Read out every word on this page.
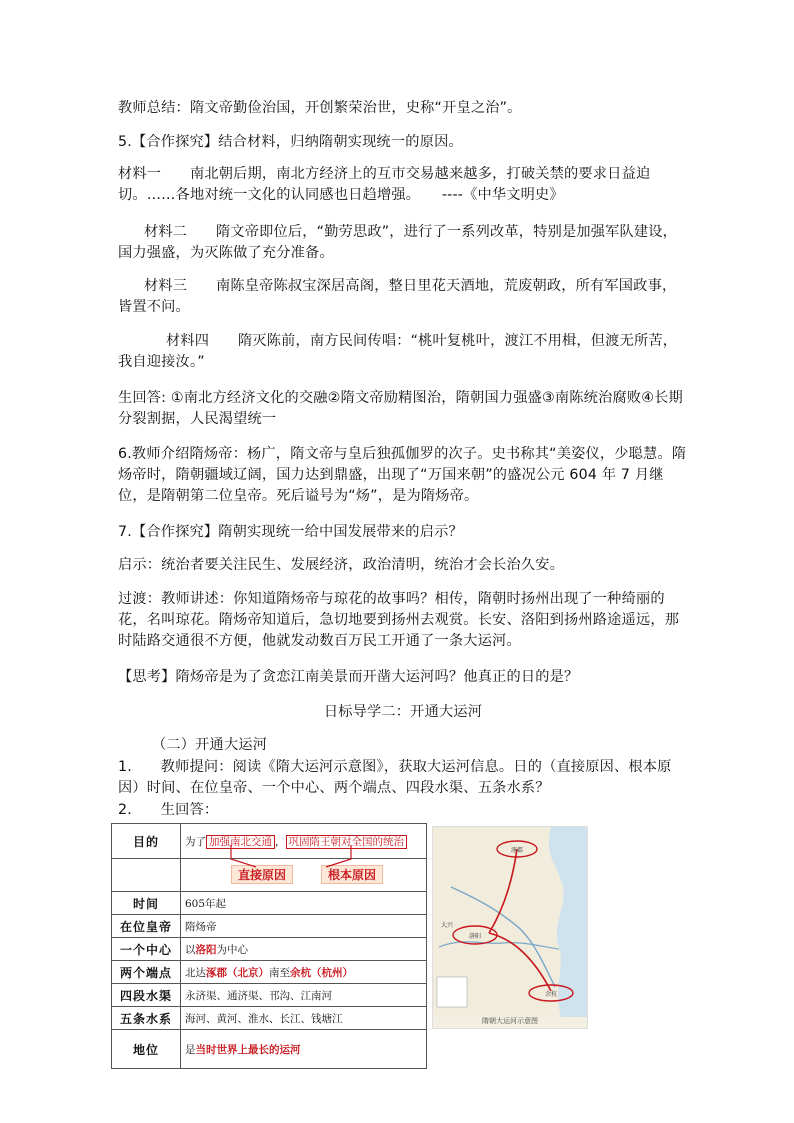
教师总结：隋文帝勤俭治国，开创繁荣治世，史称“开皇之治”。

5.【合作探究】结合材料，归纳隋朝实现统一的原因。

材料一　　南北朝后期，南北方经济上的互市交易越来越多，打破关禁的要求日益迫切。……各地对统一文化的认同感也日趋增强。　　----《中华文明史》

材料二　　隋文帝即位后，“勤劳思政”，进行了一系列改革，特别是加强军队建设，国力强盛，为灭陈做了充分准备。

材料三　　南陈皇帝陈叔宝深居高阁，整日里花天酒地，荒废朝政，所有军国政事，皆置不问。

材料四　　隋灭陈前，南方民间传唱：“桃叶复桃叶，渡江不用楫，但渡无所苦，我自迎接汝。”

生回答: ①南北方经济文化的交融②隋文帝励精图治，隋朝国力强盛③南陈统治腐败④长期分裂割据，人民渴望统一

6.教师介绍隋炀帝：杨广，隋文帝与皇后独孤伽罗的次子。史书称其“美姿仪，少聪慧。隋炀帝时，隋朝疆域辽阔，国力达到鼎盛，出现了“万国来朝”的盛况公元 604 年 7 月继位，是隋朝第二位皇帝。死后谥号为“炀”，是为隋炀帝。

7.【合作探究】隋朝实现统一给中国发展带来的启示？

启示：统治者要关注民生、发展经济，政治清明，统治才会长治久安。

过渡：教师讲述：你知道隋炀帝与琼花的故事吗？相传，隋朝时扬州出现了一种绮丽的花，名叫琼花。隋炀帝知道后，急切地要到扬州去观赏。长安、洛阳到扬州路途遥远，那时陆路交通很不方便，他就发动数百万民工开通了一条大运河。

【思考】隋炀帝是为了贪恋江南美景而开凿大运河吗？他真正的日的是？

日标导学二：开通大运河

（二）开通大运河

1.　　教师提问：阅读《隋大运河示意图》，获取大运河信息。日的（直接原因、根本原因）时间、在位皇帝、一个中心、两个端点、四段水渠、五条水系？

2.　　生回答：

目的	为了 加强南北交通 ， 巩固隋王朝对全国的统治

	直接原因 根本原因

时间	605年起
在位皇帝	隋炀帝
一个中心	以洛阳为中心
两个端点	北达涿郡（北京）南至余杭（杭州）
四段水渠	永济渠、通济渠、邗沟、江南河
五条水系	海河、黄河、淮水、长江、钱塘江
地位	是当时世界上最长的运河
涿郡
洛阳
余杭
大兴
隋朝大运河示意图
